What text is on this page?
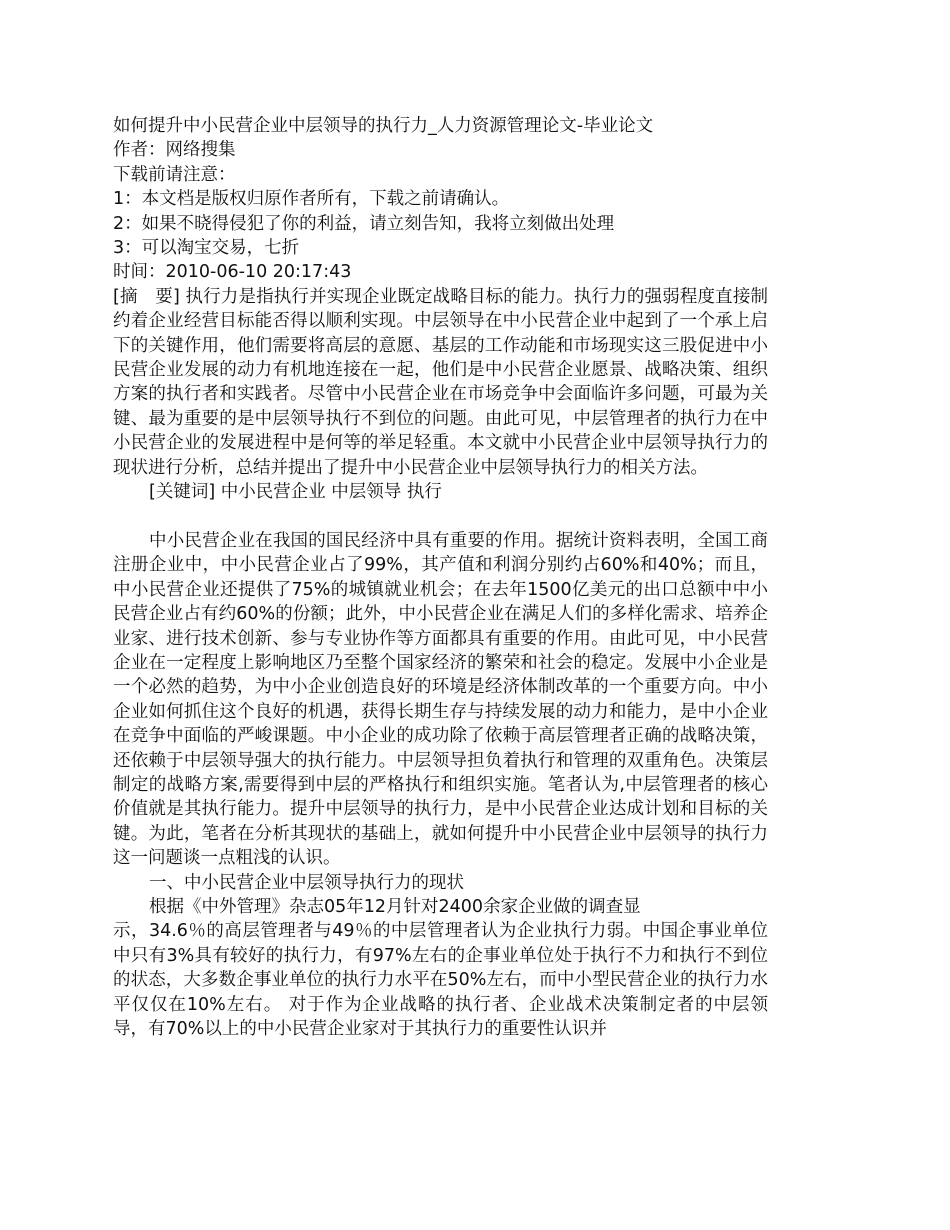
如何提升中小民营企业中层领导的执行力_人力资源管理论文-毕业论文
作者：网络搜集
下载前请注意：
1：本文档是版权归原作者所有，下载之前请确认。
2：如果不晓得侵犯了你的利益，请立刻告知，我将立刻做出处理
3：可以淘宝交易，七折
时间：2010-06-10 20:17:43
[摘　要] 执行力是指执行并实现企业既定战略目标的能力。执行力的强弱程度直接制约着企业经营目标能否得以顺利实现。中层领导在中小民营企业中起到了一个承上启下的关键作用，他们需要将高层的意愿、基层的工作动能和市场现实这三股促进中小民营企业发展的动力有机地连接在一起，他们是中小民营企业愿景、战略决策、组织方案的执行者和实践者。尽管中小民营企业在市场竞争中会面临许多问题，可最为关键、最为重要的是中层领导执行不到位的问题。由此可见，中层管理者的执行力在中小民营企业的发展进程中是何等的举足轻重。本文就中小民营企业中层领导执行力的现状进行分析，总结并提出了提升中小民营企业中层领导执行力的相关方法。
[关键词] 中小民营企业 中层领导 执行
中小民营企业在我国的国民经济中具有重要的作用。据统计资料表明，全国工商注册企业中，中小民营企业占了99%，其产值和利润分别约占60%和40%；而且，中小民营企业还提供了75%的城镇就业机会；在去年1500亿美元的出口总额中中小民营企业占有约60%的份额；此外，中小民营企业在满足人们的多样化需求、培养企业家、进行技术创新、参与专业协作等方面都具有重要的作用。由此可见，中小民营企业在一定程度上影响地区乃至整个国家经济的繁荣和社会的稳定。发展中小企业是一个必然的趋势，为中小企业创造良好的环境是经济体制改革的一个重要方向。中小企业如何抓住这个良好的机遇，获得长期生存与持续发展的动力和能力，是中小企业在竞争中面临的严峻课题。中小企业的成功除了依赖于高层管理者正确的战略决策，还依赖于中层领导强大的执行能力。中层领导担负着执行和管理的双重角色。决策层制定的战略方案,需要得到中层的严格执行和组织实施。笔者认为,中层管理者的核心价值就是其执行能力。提升中层领导的执行力，是中小民营企业达成计划和目标的关键。为此，笔者在分析其现状的基础上，就如何提升中小民营企业中层领导的执行力这一问题谈一点粗浅的认识。
一、中小民营企业中层领导执行力的现状
根据《中外管理》杂志05年12月针对2400余家企业做的调查显
示，34.6％的高层管理者与49％的中层管理者认为企业执行力弱。中国企事业单位中只有3%具有较好的执行力，有97%左右的企事业单位处于执行不力和执行不到位的状态，大多数企事业单位的执行力水平在50%左右，而中小型民营企业的执行力水平仅仅在10%左右。 对于作为企业战略的执行者、企业战术决策制定者的中层领导，有70%以上的中小民营企业家对于其执行力的重要性认识并
